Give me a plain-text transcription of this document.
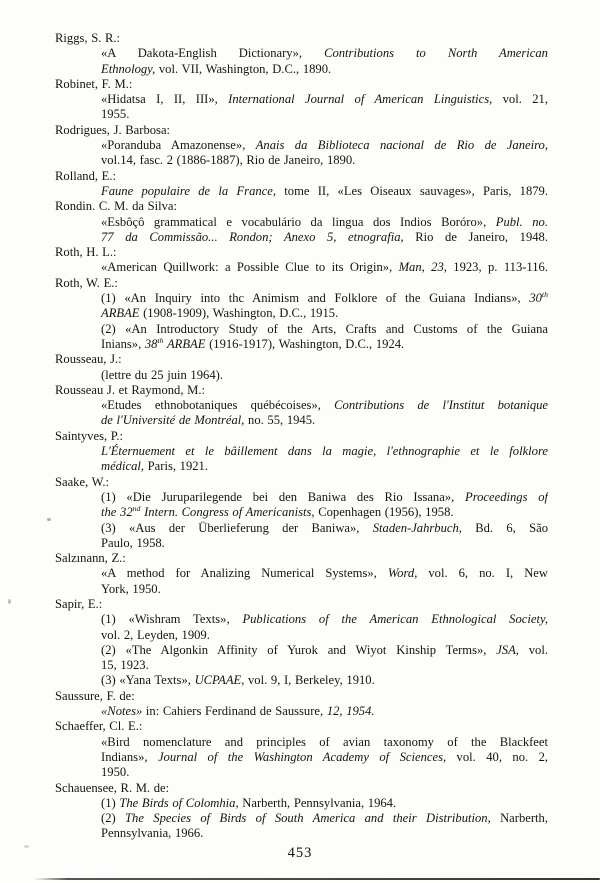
Riggs, S. R.:
«A Dakota-English Dictionary», Contributions to North American
Ethnology, vol. VII, Washington, D.C., 1890.
Robinet, F. M.:
«Hidatsa I, II, III», International Journal of American Linguistics, vol. 21,
1955.
Rodrigues, J. Barbosa:
«Poranduba Amazonense», Anais da Biblioteca nacional de Rio de Janeiro,
vol.14, fasc. 2 (1886-1887), Rio de Janeiro, 1890.
Rolland, E.:
Faune populaire de la France, tome II, «Les Oiseaux sauvages», Paris, 1879.
Rondin. C. M. da Silva:
«Esbôçô grammatical e vocabulário da lingua dos Indios Boróro», Publ. no.
77 da Commissão... Rondon; Anexo 5, etnografia, Rio de Janeiro, 1948.
Roth, H. L.:
«American Quillwork: a Possible Clue to its Origin», Man, 23, 1923, p. 113-116.
Roth, W. E.:
(1) «An Inquiry into thc Animism and Folklore of the Guiana Indians», 30th
ARBAE (1908-1909), Washington, D.C., 1915.
(2) «An Introductory Study of the Arts, Crafts and Customs of the Guiana
Inians», 38th ARBAE (1916-1917), Washington, D.C., 1924.
Rousseau, J.:
(lettre du 25 juin 1964).
Rousseau J. et Raymond, M.:
«Etudes ethnobotaniques québécoises», Contributions de l'Institut botanique
de l'Université de Montréal, no. 55, 1945.
Saintyves, P.:
L'Éternuement et le bâillement dans la magie, l'ethnographie et le folklore
médical, Paris, 1921.
Saake, W.:
(1) «Die Juruparilegende bei den Baniwa des Rio Issana», Proceedings of
the 32nd Intern. Congress of Americanists, Copenhagen (1956), 1958.
(3) «Aus der Überlieferung der Baniwa», Staden-Jahrbuch, Bd. 6, São
Paulo, 1958.
Salzınann, Z.:
«A method for Analizing Numerical Systems», Word, vol. 6, no. I, New
York, 1950.
Sapir, E.:
(1) «Wishram Texts», Publications of the American Ethnological Society,
vol. 2, Leyden, 1909.
(2) «The Algonkin Affinity of Yurok and Wiyot Kinship Terms», JSA, vol.
15, 1923.
(3) «Yana Texts», UCPAAE, vol. 9, I, Berkeley, 1910.
Saussure, F. de:
«Notes» in: Cahiers Ferdinand de Saussure, 12, 1954.
Schaeffer, Cl. E.:
«Bird nomenclature and principles of avian taxonomy of the Blackfeet
Indians», Journal of the Washington Academy of Sciences, vol. 40, no. 2,
1950.
Schauensee, R. M. de:
(1) The Birds of Colomhia, Narberth, Pennsylvania, 1964.
(2) The Species of Birds of South America and their Distribution, Narberth,
Pennsylvania, 1966.
453
